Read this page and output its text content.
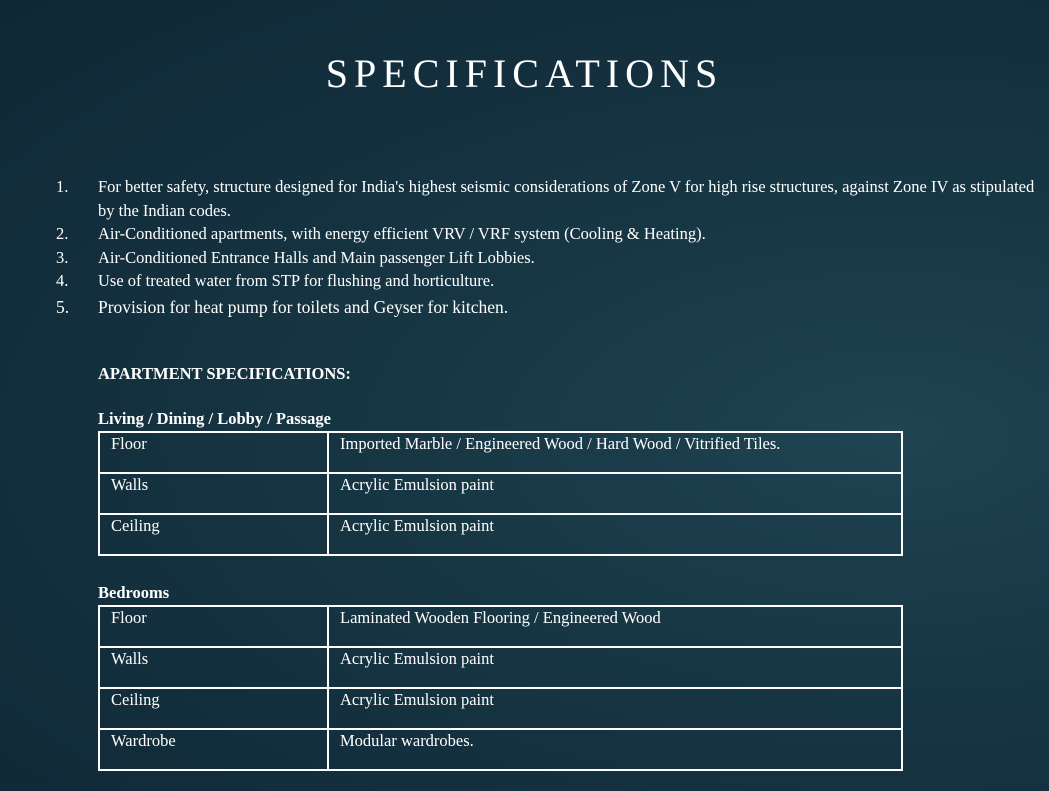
SPECIFICATIONS
1.	For better safety, structure designed for India's highest seismic considerations of Zone V for high rise structures, against Zone IV as stipulated by the Indian codes.
2.	Air-Conditioned apartments, with energy efficient VRV / VRF system (Cooling & Heating).
3.	Air-Conditioned Entrance Halls and Main passenger Lift Lobbies.
4.	Use of treated water from STP for flushing and horticulture.
5.	Provision for heat pump for toilets and Geyser for kitchen.

APARTMENT SPECIFICATIONS:

Living / Dining / Lobby / Passage

Floor	Imported Marble / Engineered Wood / Hard Wood / Vitrified Tiles.
Walls	Acrylic Emulsion paint
Ceiling	Acrylic Emulsion paint

Bedrooms

Floor	Laminated Wooden Flooring / Engineered Wood
Walls	Acrylic Emulsion paint
Ceiling	Acrylic Emulsion paint
Wardrobe	Modular wardrobes.
